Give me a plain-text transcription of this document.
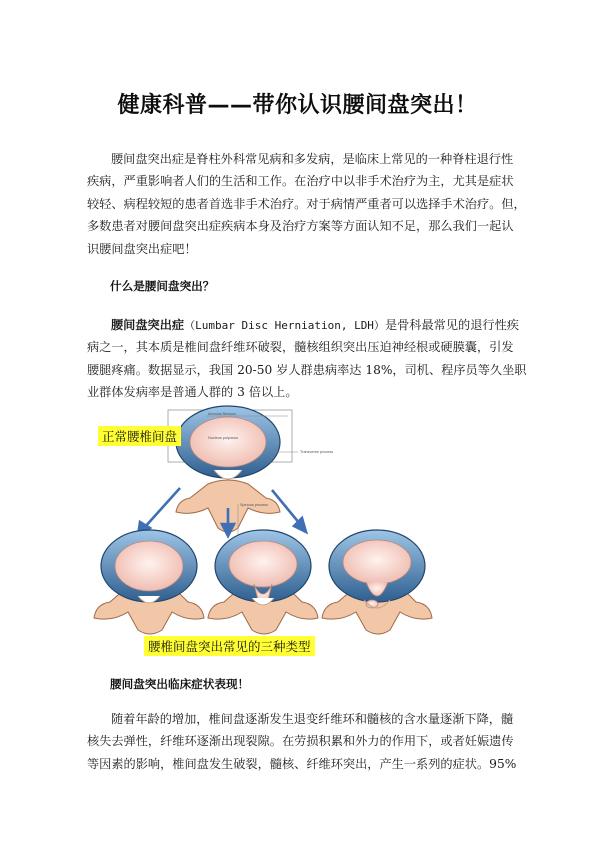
健康科普——带你认识腰间盘突出！
腰间盘突出症是脊柱外科常见病和多发病，是临床上常见的一种脊柱退行性
疾病，严重影响者人们的生活和工作。在治疗中以非手术治疗为主，尤其是症状
较轻、病程较短的患者首选非手术治疗。对于病情严重者可以选择手术治疗。但，
多数患者对腰间盘突出症疾病本身及治疗方案等方面认知不足，那么我们一起认
识腰间盘突出症吧！
什么是腰间盘突出？
腰间盘突出症（Lumbar Disc Herniation, LDH）是骨科最常见的退行性疾
病之一，其本质是椎间盘纤维环破裂，髓核组织突出压迫神经根或硬膜囊，引发
腰腿疼痛。数据显示，我国 20-50 岁人群患病率达 18%，司机、程序员等久坐职
业群体发病率是普通人群的 3 倍以上。
Annulus fibrosus
Nucleus pulposus
Transverse process
Spinous process
正常腰椎间盘
腰椎间盘突出常见的三种类型
腰间盘突出临床症状表现！
随着年龄的增加，椎间盘逐渐发生退变纤维环和髓核的含水量逐渐下降，髓
核失去弹性，纤维环逐渐出现裂隙。在劳损积累和外力的作用下，或者妊娠遗传
等因素的影响，椎间盘发生破裂，髓核、纤维环突出，产生一系列的症状。95%
